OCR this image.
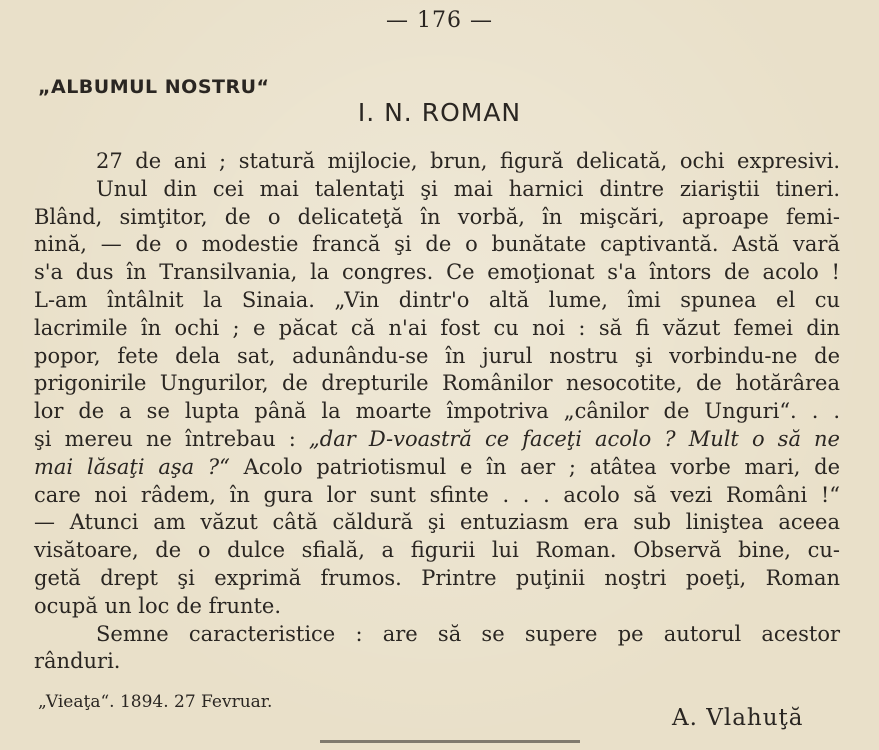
— 176 —
„ALBUMUL NOSTRU“
I. N. ROMAN
27 de ani ; statură mijlocie, brun, figură delicată, ochi expresivi.
Unul din cei mai talentaţi şi mai harnici dintre ziariştii tineri.
Blând, simţitor, de o delicateţă în vorbă, în mişcări, aproape femi-
nină, — de o modestie francă şi de o bunătate captivantă. Astă vară
s'a dus în Transilvania, la congres. Ce emoţionat s'a întors de acolo !
L-am întâlnit la Sinaia. „Vin dintr'o altă lume, îmi spunea el cu
lacrimile în ochi ; e păcat că n'ai fost cu noi : să fi văzut femei din
popor, fete dela sat, adunându-se în jurul nostru şi vorbindu-ne de
prigonirile Ungurilor, de drepturile Românilor nesocotite, de hotărârea
lor de a se lupta până la moarte împotriva „cânilor de Unguri“. . .
şi mereu ne întrebau : „dar D-voastră ce faceţi acolo ? Mult o să ne
mai lăsaţi aşa ?“ Acolo patriotismul e în aer ; atâtea vorbe mari, de
care noi râdem, în gura lor sunt sfinte . . . acolo să vezi Români !“
— Atunci am văzut câtă căldură şi entuziasm era sub liniştea aceea
visătoare, de o dulce sfială, a figurii lui Roman. Observă bine, cu-
getă drept şi exprimă frumos. Printre puţinii noştri poeţi, Roman
ocupă un loc de frunte.
Semne caracteristice : are să se supere pe autorul acestor
rânduri.
„Vieaţa“. 1894. 27 Fevruar.
A. Vlahuţă
